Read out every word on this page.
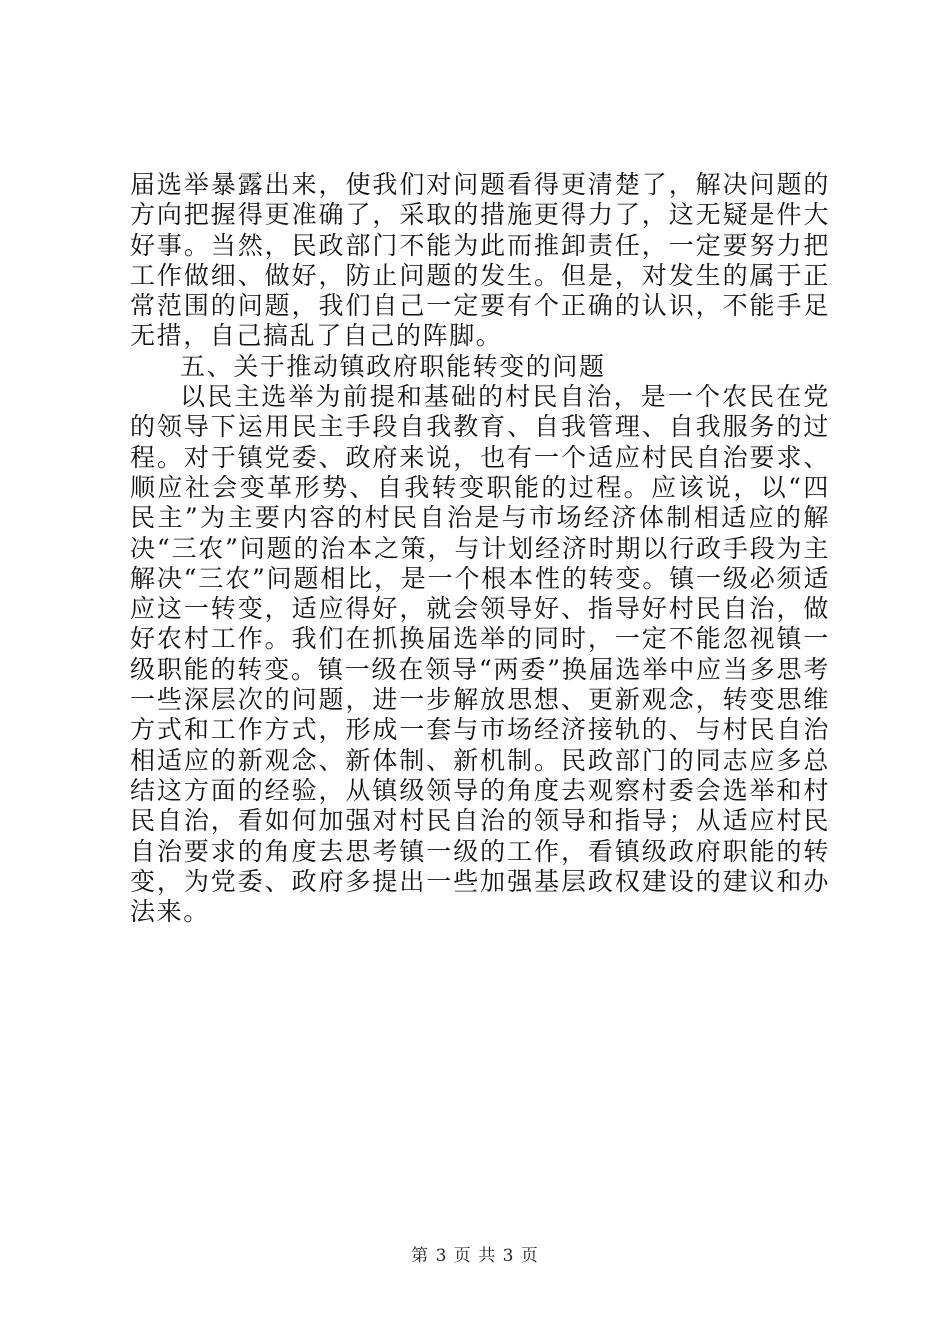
届选举暴露出来，使我们对问题看得更清楚了，解决问题的方向把握得更准确了，采取的措施更得力了，这无疑是件大好事。当然，民政部门不能为此而推卸责任，一定要努力把工作做细、做好，防止问题的发生。但是，对发生的属于正常范围的问题，我们自己一定要有个正确的认识，不能手足无措，自己搞乱了自己的阵脚。

五、关于推动镇政府职能转变的问题

以民主选举为前提和基础的村民自治，是一个农民在党的领导下运用民主手段自我教育、自我管理、自我服务的过程。对于镇党委、政府来说，也有一个适应村民自治要求、顺应社会变革形势、自我转变职能的过程。应该说，以“四民主”为主要内容的村民自治是与市场经济体制相适应的解决“三农”问题的治本之策，与计划经济时期以行政手段为主解决“三农”问题相比，是一个根本性的转变。镇一级必须适应这一转变，适应得好，就会领导好、指导好村民自治，做好农村工作。我们在抓换届选举的同时，一定不能忽视镇一级职能的转变。镇一级在领导“两委”换届选举中应当多思考一些深层次的问题，进一步解放思想、更新观念，转变思维方式和工作方式，形成一套与市场经济接轨的、与村民自治相适应的新观念、新体制、新机制。民政部门的同志应多总结这方面的经验，从镇级领导的角度去观察村委会选举和村民自治，看如何加强对村民自治的领导和指导；从适应村民自治要求的角度去思考镇一级的工作，看镇级政府职能的转变，为党委、政府多提出一些加强基层政权建设的建议和办法来。

第 3 页 共 3 页
